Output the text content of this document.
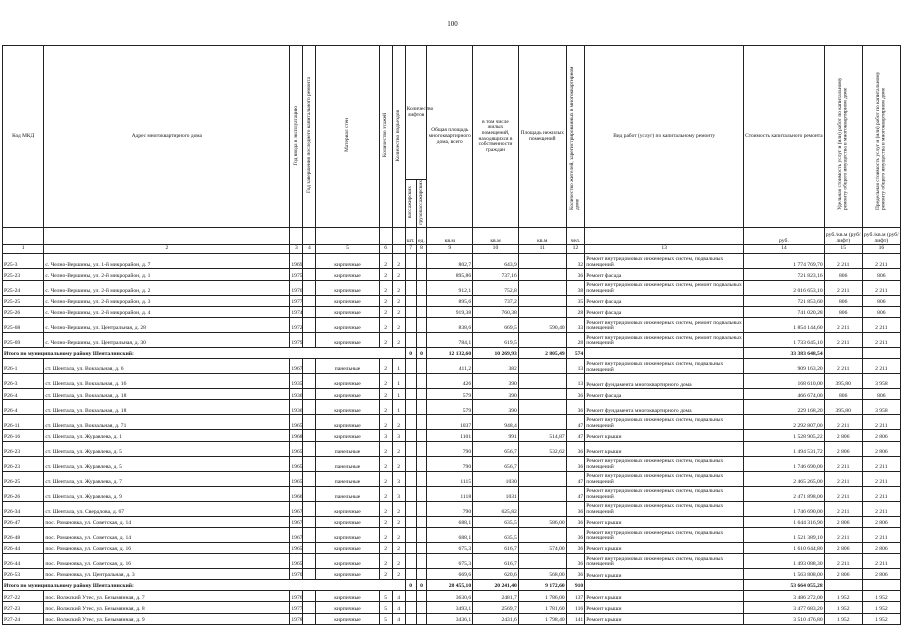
100
Код МКД	Адрес многоквартирного дома	Год ввода в эксплуатацию	Год завершения последнего капитального ремонта	Материал стен	Количество этажей	Количество подъездов	Количество лифтов		Общая площадь многоквартирного дома, всего	в том числе жилых помещений, находящихся в собственности граждан	Площадь нежилых помещений	Количество жителей, зарегистрированных в многоквартирном доме	Вид работ (услуг) по капитальному ремонту	Стоимость капитального ремонта	Удельная стоимость услуг и (или) работ по капитальному ремонту общего имущества в многоквартирном доме	Предельная стоимость услуг и (или) работ по капитальному ремонту общего имущества в многоквартирном доме
							пассажирских	грузопассажирских								
							шт.	ед.	кв.м	кв.м	кв.м	чел.		руб.	руб./кв.м (руб/лифт)	руб./кв.м (руб/лифт)
1	2	3	4	5	6		7	8	9	10	11	12	13	14	15	16
P25-3	с. Челно-Вершины, ул. 1-й микрорайон, д. 7	1969		кирпичные	2	2			802,7	643,9		32	Ремонт внутридомовых инженерных систем, подвальных помещений	1 774 769,70	2 211	2 211
P25-23	с. Челно-Вершины, ул. 2-й микрорайон, д. 1	1975		кирпичные	2	2			895,86	737,16		36	Ремонт фасада	721 823,16	806	806
P25-24	с. Челно-Вершины, ул. 2-й микрорайон, д. 2	1976		кирпичные	2	2			912,1	752,8		38	Ремонт внутридомовых инженерных систем, ремонт подвальных помещений	2 016 653,10	2 211	2 211
P25-25	с. Челно-Вершины, ул. 2-й микрорайон, д. 3	1977		кирпичные	2	2			895,6	737,2		35	Ремонт фасада	721 853,60	806	806
P25-26	с. Челно-Вершины, ул. 2-й микрорайон, д. 4	1974		кирпичные	2	2			919,38	760,38		28	Ремонт фасада	741 020,28	806	806
P25-68	с. Челно-Вершины, ул. Центральная, д. 28	1972		кирпичные	2	2			838,6	669,5	590,40	33	Ремонт внутридомовых инженерных систем, ремонт подвальных помещений	1 854 144,60	2 211	2 211
P25-69	с. Челно-Вершины, ул. Центральная, д. 30	1979		кирпичные	2	2			784,1	619,5		28	Ремонт внутридомовых инженерных систем, ремонт подвальных помещений	1 733 645,10	2 211	2 211
Итого по муниципальному району Шенталинский:							0	0	12 132,60	10 269,93	2 805,49	574		33 383 648,54		
P26-1	ст. Шентала, ул. Вокзальная, д. 6	1967		панельные	2	1			411,2	382		13	Ремонт внутридомовых инженерных систем, подвальных помещений	909 163,20	2 211	2 211
P26-3	ст. Шентала, ул. Вокзальная, д. 16	1935		кирпичные	2	1			426	390		13	Ремонт фундамента многоквартирного дома	168 610,00	395,80	3 958
P26-4	ст. Шентала, ул. Вокзальная, д. 18	1936		кирпичные	2	1			579	390		36	Ремонт фасада	466 674,00	806	806
P26-4	ст. Шентала, ул. Вокзальная, д. 18	1936		кирпичные	2	1			579	390		36	Ремонт фундамента многоквартирного дома	229 168,20	395,80	3 958
P26-11	ст. Шентала, ул. Вокзальная, д. 71	1965		кирпичные	2	2			1037	948,4		47	Ремонт внутридомовых инженерных систем, подвальных помещений	2 292 807,00	2 211	2 211
P26-16	ст. Шентала, ул. Журавлева, д. 1	1968		кирпичные	3	3			1101	991	514,87	47	Ремонт крыши	1 528 905,22	2 806	2 806
P26-23	ст. Шентала, ул. Журавлева, д. 5	1965		панельные	2	2			790	656,7	532,62	36	Ремонт крыши	1 494 531,72	2 806	2 806
P26-23	ст. Шентала, ул. Журавлева, д. 5	1965		панельные	2	2			790	656,7		36	Ремонт внутридомовых инженерных систем, подвальных помещений	1 746 690,00	2 211	2 211
P26-25	ст. Шентала, ул. Журавлева, д. 7	1965		панельные	2	3			1115	1030		47	Ремонт внутридомовых инженерных систем, подвальных помещений	2 465 265,00	2 211	2 211
P26-26	ст. Шентала, ул. Журавлева, д. 9	1966		панельные	2	3			1118	1031		47	Ремонт внутридомовых инженерных систем, подвальных помещений	2 471 898,00	2 211	2 211
P26-34	ст. Шентала, ул. Свердлова, д. 67	1967		кирпичные	2	2			790	625,82		36	Ремонт внутридомовых инженерных систем, подвальных помещений	1 746 690,00	2 211	2 211
P26-47	пос. Романовка, ул. Советская, д. 14	1967		кирпичные	2	2			688,1	635,5	586,00	36	Ремонт крыши	1 644 316,90	2 806	2 806
P26-48	пос. Романовка, ул. Советская, д. 14	1967		кирпичные	2	2			688,1	635,5		36	Ремонт внутридомовых инженерных систем, подвальных помещений	1 521 389,10	2 211	2 211
P26-44	пос. Романовка, ул. Советская, д. 16	1965		кирпичные	2	2			675,3	616,7	574,00	36	Ремонт крыши	1 610 644,80	2 806	2 806
P26-44	пос. Романовка, ул. Советская, д. 16	1965		кирпичные	2	2			675,3	616,7		36	Ремонт внутридомовых инженерных систем, подвальных помещений	1 493 088,30	2 211	2 211
P26-53	пос. Романовка, ул. Центральная, д. 3	1970		кирпичные	2	2			669,6	620,6	568,00	36	Ремонт крыши	1 563 808,00	2 806	2 806
Итого по муниципальному району Шенталинский:							0	0	28 455,10	20 241,40	9 172,60	910		53 664 055,28		
P27-22	пос. Волжский Утес, ул. Безымянная, д. 7	1976		кирпичные	5	4			3630,6	2481,7	1 786,00	137	Ремонт крыши	3 486 272,00	1 952	1 952
P27-23	пос. Волжский Утес, ул. Безымянная, д. 8	1977		кирпичные	5	4			3493,1	2569,7	1 781,60	116	Ремонт крыши	3 477 683,20	1 952	1 952
P27-24	пос. Волжский Утес, ул. Безымянная, д. 9	1978		кирпичные	5	4			3436,1	2431,6	1 798,40	141	Ремонт крыши	3 510 476,80	1 952	1 952
